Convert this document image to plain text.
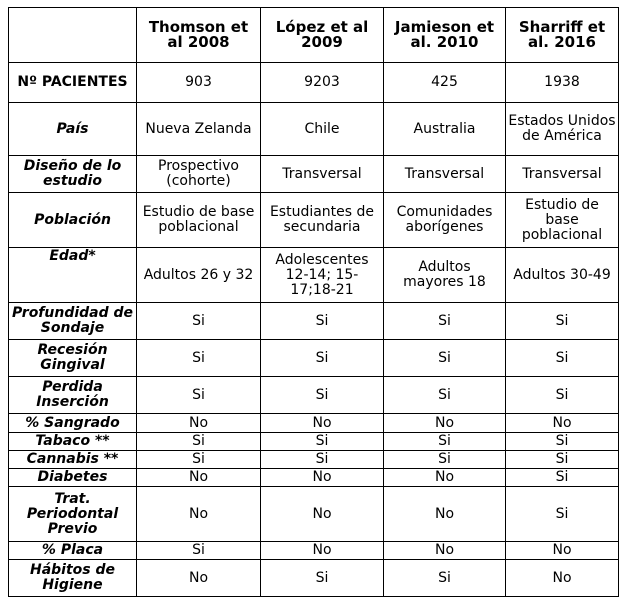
	Thomson et al 2008	López et al 2009	Jamieson et al. 2010	Sharriff et al. 2016
Nº PACIENTES	903	9203	425	1938
País	Nueva Zelanda	Chile	Australia	Estados Unidos de América
Diseño de lo estudio	Prospectivo (cohorte)	Transversal	Transversal	Transversal
Población	Estudio de base poblacional	Estudiantes de secundaria	Comunidades aborígenes	Estudio de base poblacional
Edad*	Adultos 26 y 32	Adolescentes 12-14; 15-17;18-21	Adultos mayores 18	Adultos 30-49
Profundidad de Sondaje	Si	Si	Si	Si
Recesión Gingival	Si	Si	Si	Si
Perdida Inserción	Si	Si	Si	Si
% Sangrado	No	No	No	No
Tabaco **	Si	Si	Si	Si
Cannabis **	Si	Si	Si	Si
Diabetes	No	No	No	Si
Trat. Periodontal Previo	No	No	No	Si
% Placa	Si	No	No	No
Hábitos de Higiene	No	Si	Si	No
